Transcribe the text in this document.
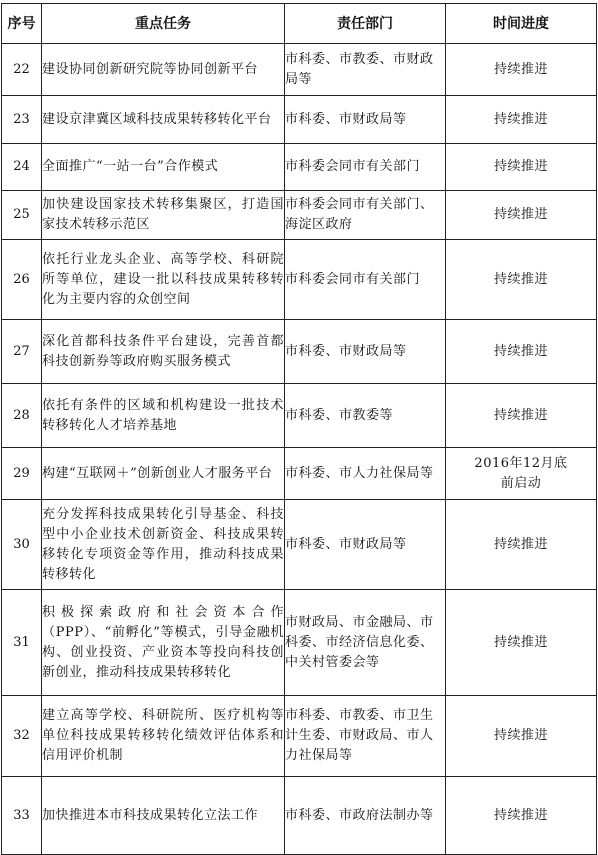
序号	重点任务	责任部门	时间进度
22	建设协同创新研究院等协同创新平台	市科委、市教委、市财政局等	持续推进
23	建设京津冀区域科技成果转移转化平台	市科委、市财政局等	持续推进
24	全面推广“一站一台”合作模式	市科委会同市有关部门	持续推进
25	加快建设国家技术转移集聚区，打造国家技术转移示范区	市科委会同市有关部门、海淀区政府	持续推进
26	依托行业龙头企业、高等学校、科研院所等单位，建设一批以科技成果转移转化为主要内容的众创空间	市科委会同市有关部门	持续推进
27	深化首都科技条件平台建设，完善首都科技创新券等政府购买服务模式	市科委、市财政局等	持续推进
28	依托有条件的区域和机构建设一批技术转移转化人才培养基地	市科委、市教委等	持续推进
29	构建“互联网＋”创新创业人才服务平台	市科委、市人力社保局等	2016年12月底前启动
30	充分发挥科技成果转化引导基金、科技型中小企业技术创新资金、科技成果转移转化专项资金等作用，推动科技成果转移转化	市科委、市财政局等	持续推进
31	积极探索政府和社会资本合作（PPP）、“前孵化”等模式，引导金融机构、创业投资、产业资本等投向科技创新创业，推动科技成果转移转化	市财政局、市金融局、市科委、市经济信息化委、中关村管委会等	持续推进
32	建立高等学校、科研院所、医疗机构等单位科技成果转移转化绩效评估体系和信用评价机制	市科委、市教委、市卫生计生委、市财政局、市人力社保局等	持续推进
33	加快推进本市科技成果转化立法工作	市科委、市政府法制办等	持续推进
